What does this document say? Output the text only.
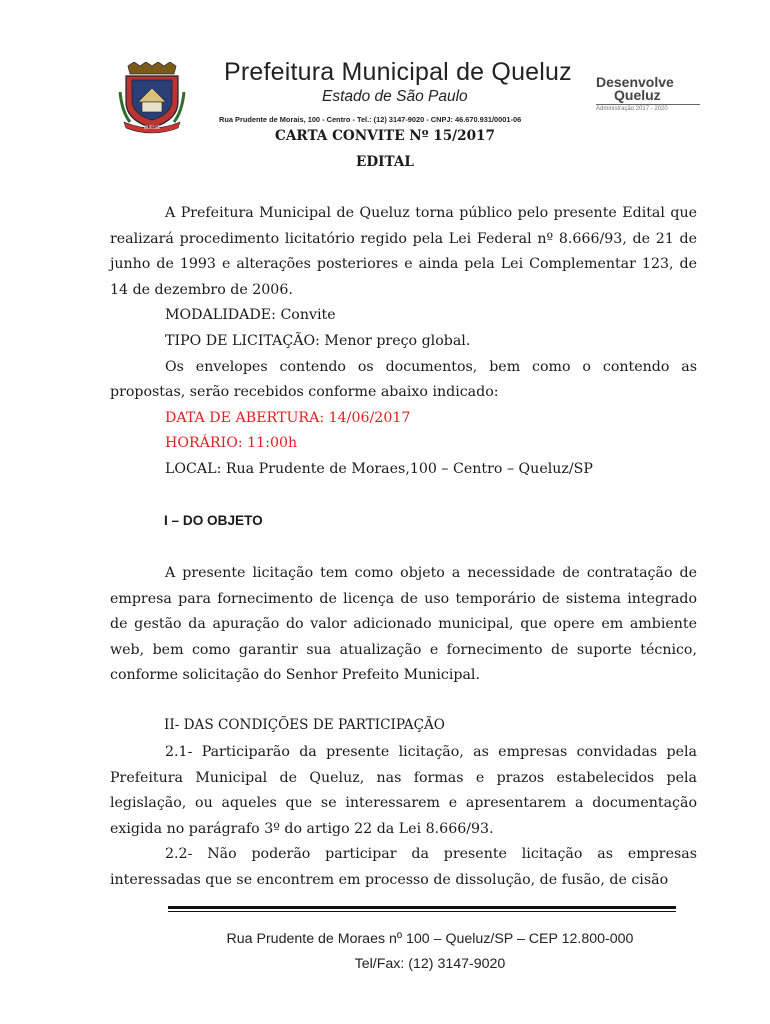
QUELUZ
Prefeitura Municipal de Queluz
Estado de São Paulo
Rua Prudente de Morais, 100 - Centro - Tel.: (12) 3147-9020 - CNPJ: 46.670.931/0001-06
Desenvolve
Queluz
Administração 2017 - 2020
CARTA CONVITE Nº 15/2017
EDITAL

A Prefeitura Municipal de Queluz torna público pelo presente Edital que realizará procedimento licitatório regido pela Lei Federal nº 8.666/93, de 21 de junho de 1993 e alterações posteriores e ainda pela Lei Complementar 123, de 14 de dezembro de 2006.

MODALIDADE: Convite

TIPO DE LICITAÇÃO: Menor preço global.

Os envelopes contendo os documentos, bem como o contendo as propostas, serão recebidos conforme abaixo indicado:

DATA DE ABERTURA: 14/06/2017

HORÁRIO: 11:00h

LOCAL: Rua Prudente de Moraes,100 – Centro – Queluz/SP

I – DO OBJETO

A presente licitação tem como objeto a necessidade de contratação de empresa para fornecimento de licença de uso temporário de sistema integrado de gestão da apuração do valor adicionado municipal, que opere em ambiente web, bem como garantir sua atualização e fornecimento de suporte técnico, conforme solicitação do Senhor Prefeito Municipal.

II- DAS CONDIÇÕES DE PARTICIPAÇÃO

2.1- Participarão da presente licitação, as empresas convidadas pela Prefeitura Municipal de Queluz, nas formas e prazos estabelecidos pela legislação, ou aqueles que se interessarem e apresentarem a documentação exigida no parágrafo 3º do artigo 22 da Lei 8.666/93.

2.2- Não poderão participar da presente licitação as empresas interessadas que se encontrem em processo de dissolução, de fusão, de cisão

Rua Prudente de Moraes nº 100 – Queluz/SP – CEP 12.800-000
Tel/Fax: (12) 3147-9020
